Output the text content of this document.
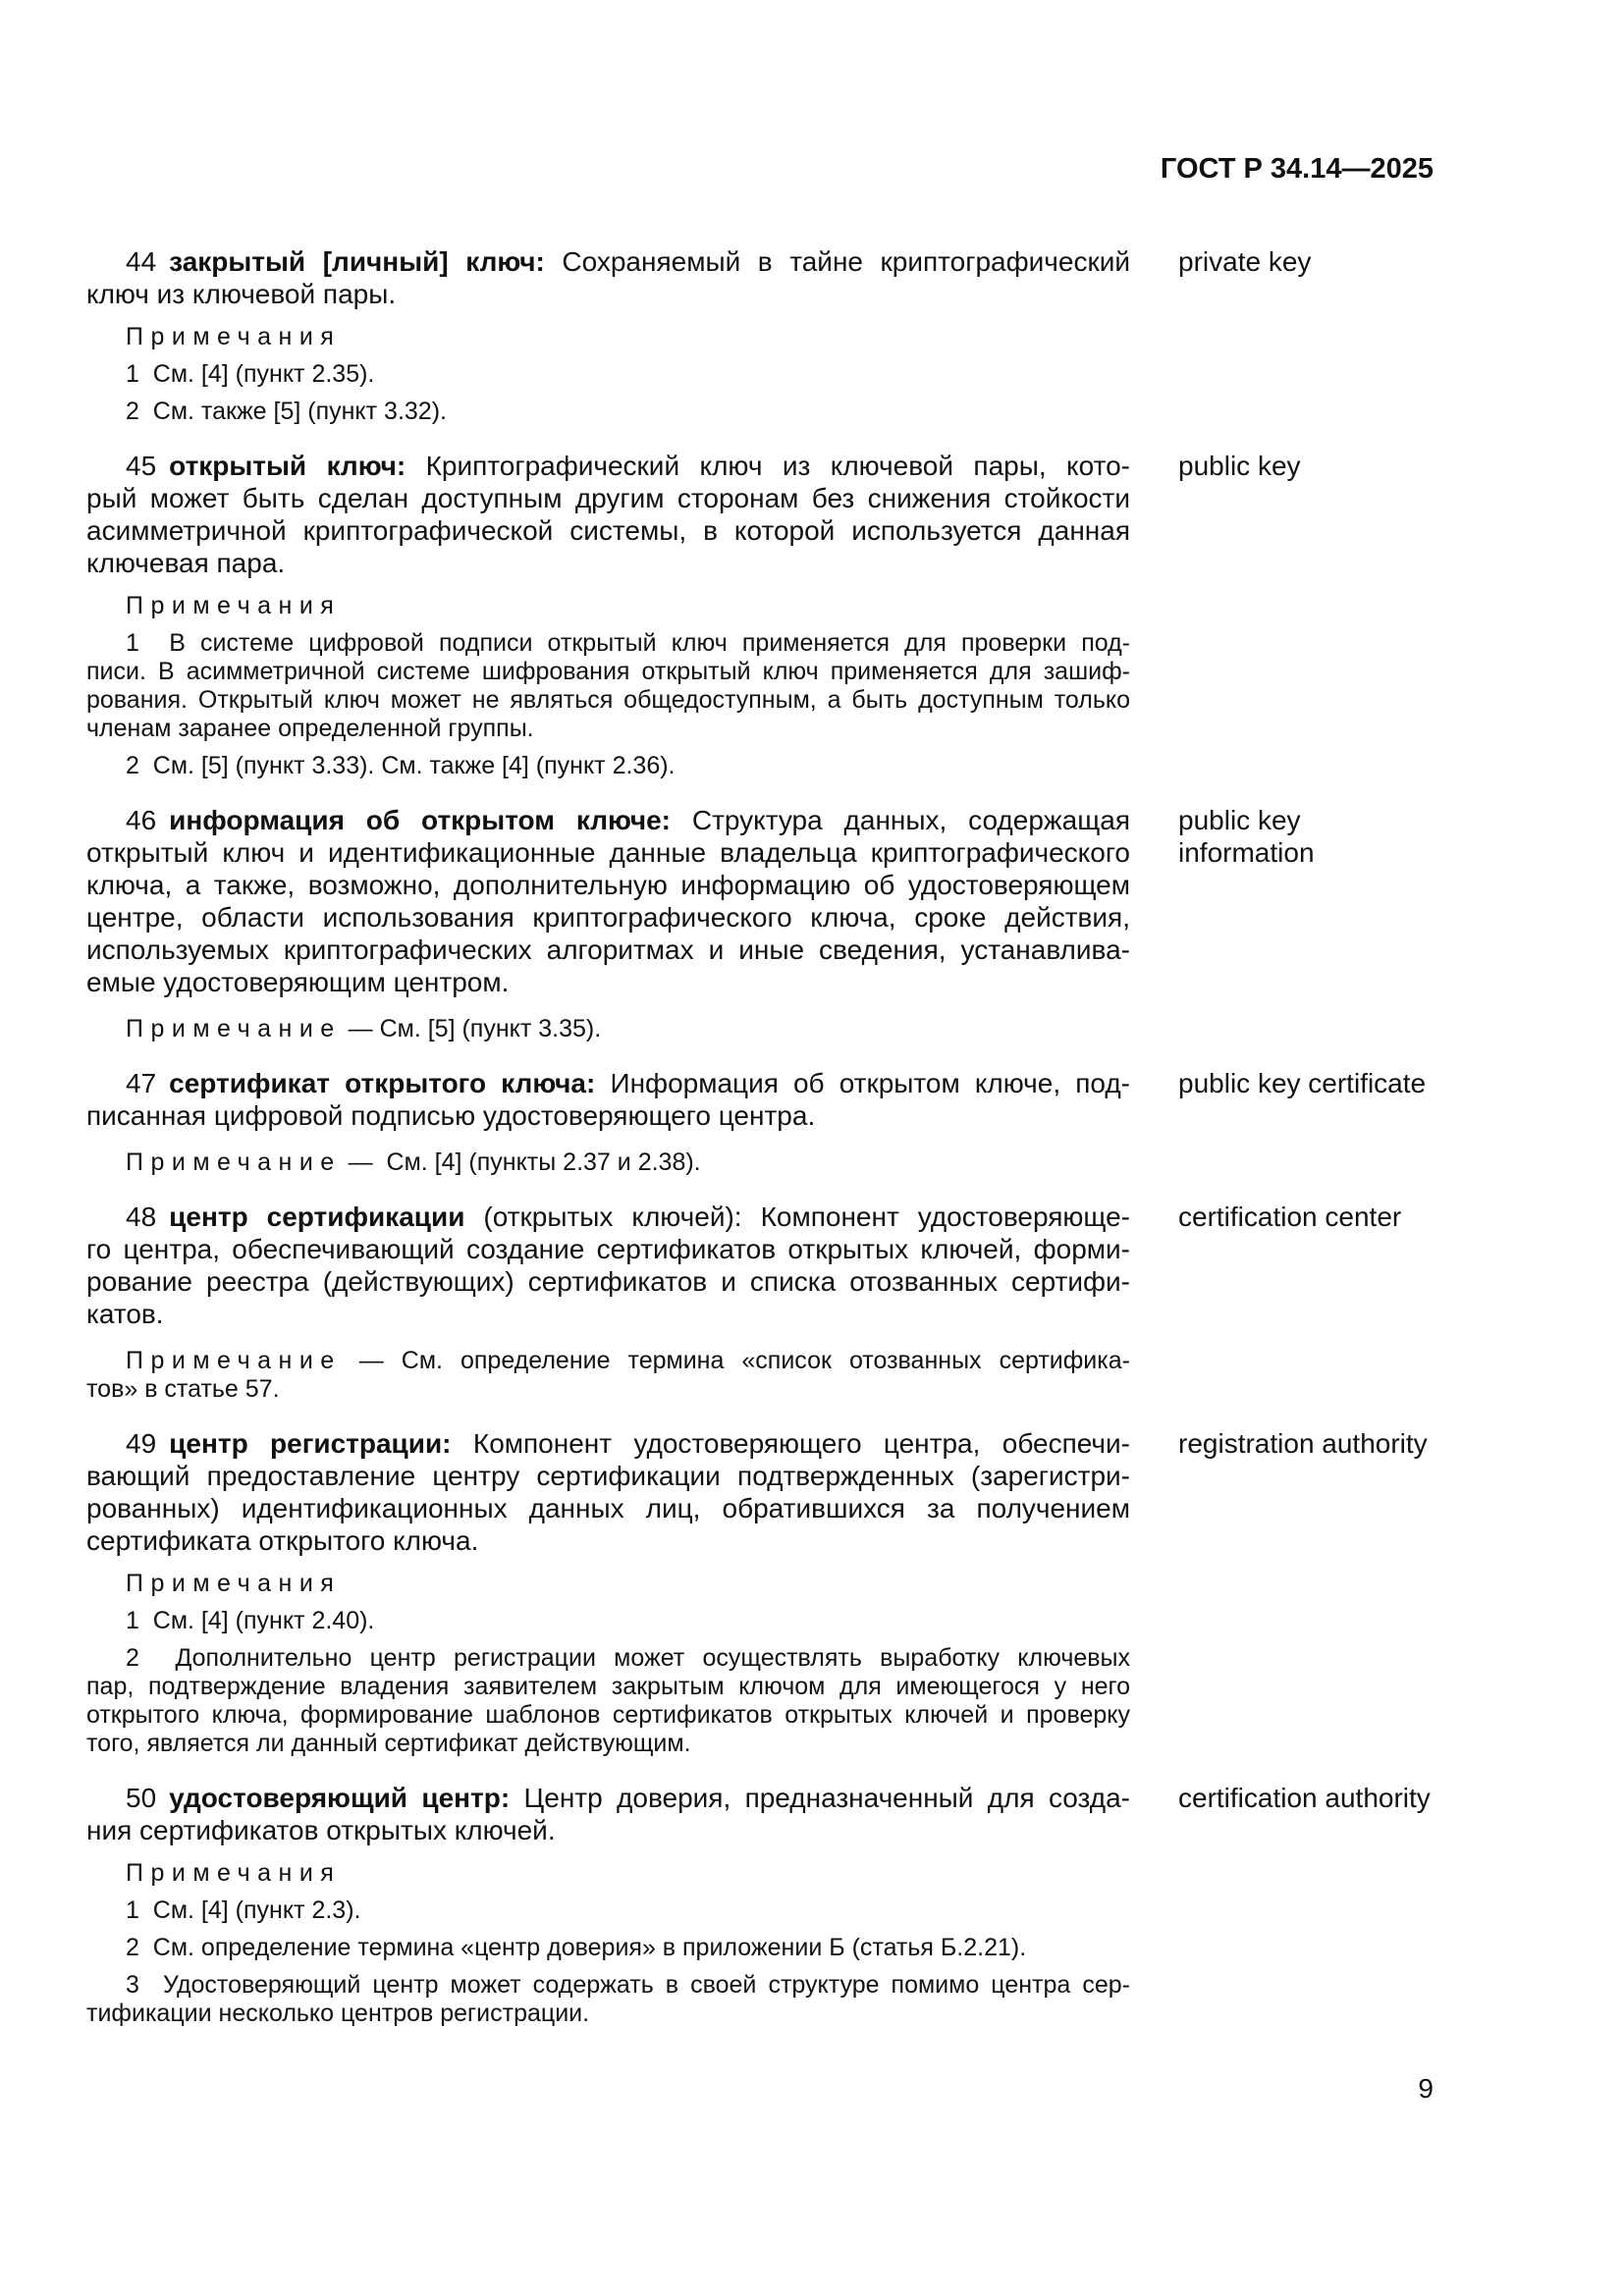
ГОСТ Р 34.14—2025
44 закрытый [личный] ключ: Сохраняемый в тайне криптографический
ключ из ключевой пары.
Примечания
1  См. [4] (пункт 2.35).
2  См. также [5] (пункт 3.32).
private key
45 открытый ключ: Криптографический ключ из ключевой пары, кото-
рый может быть сделан доступным другим сторонам без снижения стойкости
асимметричной криптографической системы, в которой используется данная
ключевая пара.
Примечания
1  В системе цифровой подписи открытый ключ применяется для проверки под-
писи. В асимметричной системе шифрования открытый ключ применяется для зашиф-
рования. Открытый ключ может не являться общедоступным, а быть доступным только
членам заранее определенной группы.
2  См. [5] (пункт 3.33). См. также [4] (пункт 2.36).
public key
46 информация об открытом ключе: Структура данных, содержащая
открытый ключ и идентификационные данные владельца криптографического
ключа, а также, возможно, дополнительную информацию об удостоверяющем
центре, области использования криптографического ключа, сроке действия,
используемых криптографических алгоритмах и иные сведения, устанавлива-
емые удостоверяющим центром.
Примечание — См. [5] (пункт 3.35).
public key
information
47 сертификат открытого ключа: Информация об открытом ключе, под-
писанная цифровой подписью удостоверяющего центра.
Примечание —  См. [4] (пункты 2.37 и 2.38).
public key certificate
48 центр сертификации (открытых ключей): Компонент удостоверяюще-
го центра, обеспечивающий создание сертификатов открытых ключей, форми-
рование реестра (действующих) сертификатов и списка отозванных сертифи-
катов.
Примечание — См. определение термина «список отозванных сертифика-
тов» в статье 57.
certification center
49 центр регистрации: Компонент удостоверяющего центра, обеспечи-
вающий предоставление центру сертификации подтвержденных (зарегистри-
рованных) идентификационных данных лиц, обратившихся за получением
сертификата открытого ключа.
Примечания
1  См. [4] (пункт 2.40).
2  Дополнительно центр регистрации может осуществлять выработку ключевых
пар, подтверждение владения заявителем закрытым ключом для имеющегося у него
открытого ключа, формирование шаблонов сертификатов открытых ключей и проверку
того, является ли данный сертификат действующим.
registration authority
50 удостоверяющий центр: Центр доверия, предназначенный для созда-
ния сертификатов открытых ключей.
Примечания
1  См. [4] (пункт 2.3).
2  См. определение термина «центр доверия» в приложении Б (статья Б.2.21).
3  Удостоверяющий центр может содержать в своей структуре помимо центра сер-
тификации несколько центров регистрации.
certification authority
9
